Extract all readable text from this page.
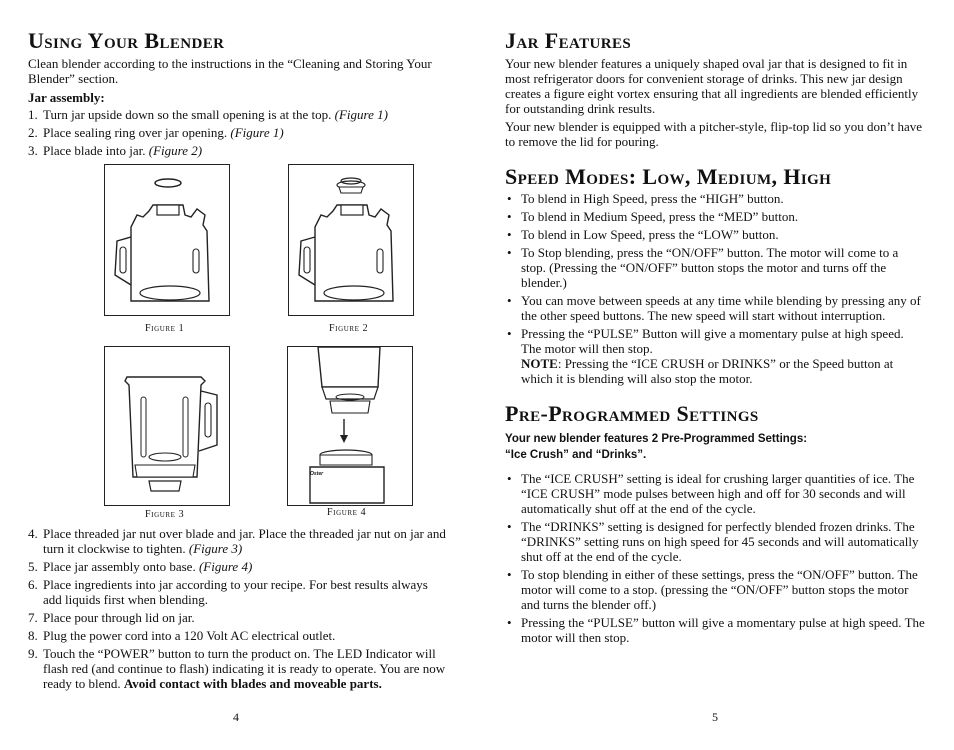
Using Your Blender

Clean blender according to the instructions in the “Cleaning and Storing Your Blender” section.

Jar assembly:

1. Turn jar upside down so the small opening is at the top. (Figure 1)
2. Place sealing ring over jar opening. (Figure 1)
3. Place blade into jar. (Figure 2)
Figure 1	Figure 2
Figure 3
Oster
Figure 4
4. Place threaded jar nut over blade and jar. Place the threaded jar nut on jar and turn it clockwise to tighten. (Figure 3)
5. Place jar assembly onto base. (Figure 4)
6. Place ingredients into jar according to your recipe. For best results always add liquids first when blending.
7. Place pour through lid on jar.
8. Plug the power cord into a 120 Volt AC electrical outlet.
9. Touch the “POWER” button to turn the product on. The LED Indicator will flash red (and continue to flash) indicating it is ready to operate. You are now ready to blend. Avoid contact with blades and moveable parts.
4
Jar Features

Your new blender features a uniquely shaped oval jar that is designed to fit in most refrigerator doors for convenient storage of drinks. This new jar design creates a figure eight vortex ensuring that all ingredients are blended efficiently for outstanding drink results.

Your new blender is equipped with a pitcher-style, flip-top lid so you don’t have to remove the lid for pouring.

Speed Modes: Low, Medium, High
• To blend in High Speed, press the “HIGH” button.
• To blend in Medium Speed, press the “MED” button.
• To blend in Low Speed, press the “LOW” button.
• To Stop blending, press the “ON/OFF” button. The motor will come to a stop. (Pressing the “ON/OFF” button stops the motor and turns off the blender.)
• You can move between speeds at any time while blending by pressing any of the other speed buttons. The new speed will start without interruption.
• Pressing the “PULSE” Button will give a momentary pulse at high speed. The motor will then stop.
NOTE: Pressing the “ICE CRUSH or DRINKS” or the Speed button at which it is blending will also stop the motor.
Pre-Programmed Settings

Your new blender features 2 Pre-Programmed Settings:

“Ice Crush” and “Drinks”.

• The “ICE CRUSH” setting is ideal for crushing larger quantities of ice. The “ICE CRUSH” mode pulses between high and off for 30 seconds and will automatically shut off at the end of the cycle.
• The “DRINKS” setting is designed for perfectly blended frozen drinks. The “DRINKS” setting runs on high speed for 45 seconds and will automatically shut off at the end of the cycle.
• To stop blending in either of these settings, press the “ON/OFF” button. The motor will come to a stop. (pressing the “ON/OFF” button stops the motor and turns the blender off.)
• Pressing the “PULSE” button will give a momentary pulse at high speed. The motor will then stop.
5
